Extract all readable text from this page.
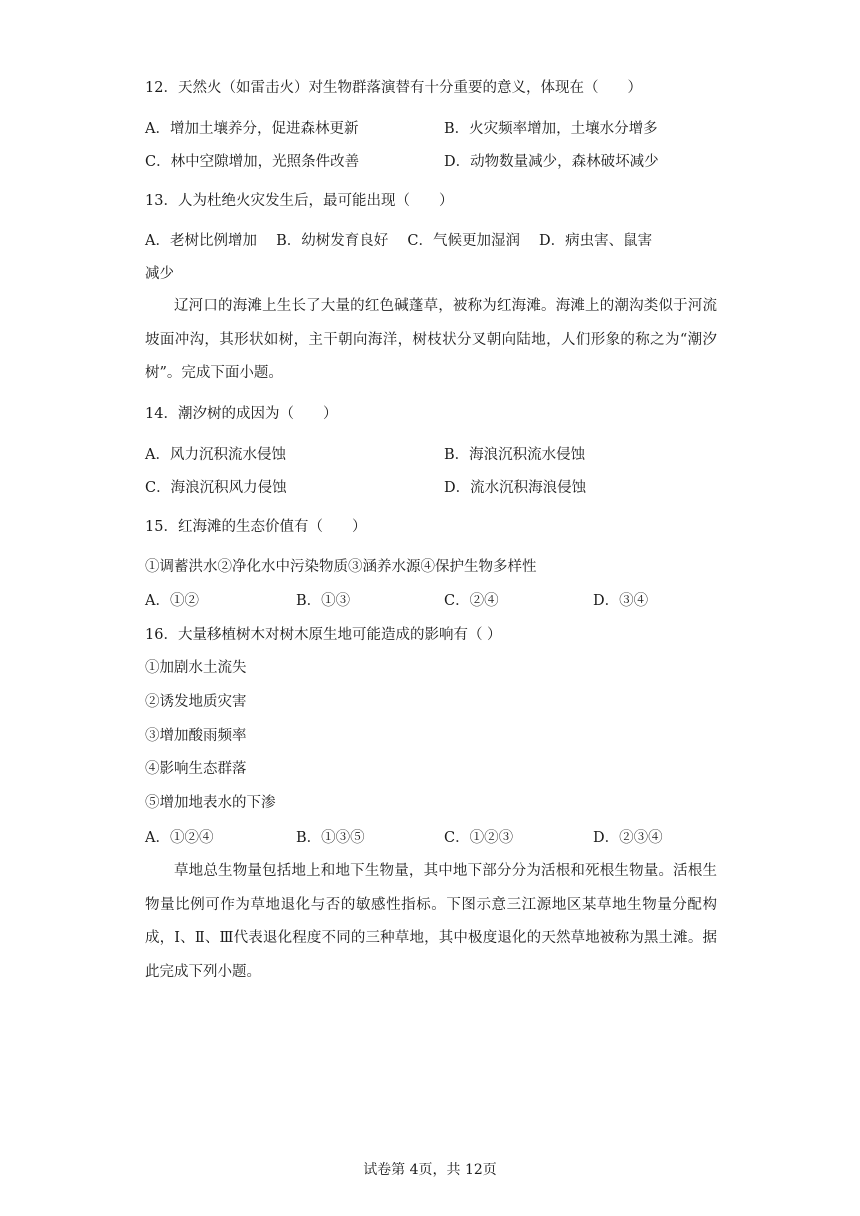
12．天然火（如雷击火）对生物群落演替有十分重要的意义，体现在（　　）
A．增加土壤养分，促进森林更新	B．火灾频率增加，土壤水分增多
C．林中空隙增加，光照条件改善	D．动物数量减少，森林破坏减少
13．人为杜绝火灾发生后，最可能出现（　　）
A．老树比例增加　 B．幼树发育良好　 C．气候更加湿润　 D．病虫害、鼠害
减少

辽河口的海滩上生长了大量的红色碱蓬草，被称为红海滩。海滩上的潮沟类似于河流坡面冲沟，其形状如树，主干朝向海洋，树枝状分叉朝向陆地，人们形象的称之为“潮汐树”。完成下面小题。

14．潮汐树的成因为（　　）
A．风力沉积流水侵蚀	B．海浪沉积流水侵蚀
C．海浪沉积风力侵蚀	D．流水沉积海浪侵蚀
15．红海滩的生态价值有（　　）
①调蓄洪水②净化水中污染物质③涵养水源④保护生物多样性
A．①②	B．①③	C．②④	D．③④
16．大量移植树木对树木原生地可能造成的影响有（ ）
①加剧水土流失
②诱发地质灾害
③增加酸雨频率
④影响生态群落
⑤增加地表水的下渗
A．①②④	B．①③⑤	C．①②③	D．②③④

草地总生物量包括地上和地下生物量，其中地下部分分为活根和死根生物量。活根生物量比例可作为草地退化与否的敏感性指标。下图示意三江源地区某草地生物量分配构成，Ⅰ、Ⅱ、Ⅲ代表退化程度不同的三种草地，其中极度退化的天然草地被称为黑土滩。据此完成下列小题。

试卷第 4页，共 12页
